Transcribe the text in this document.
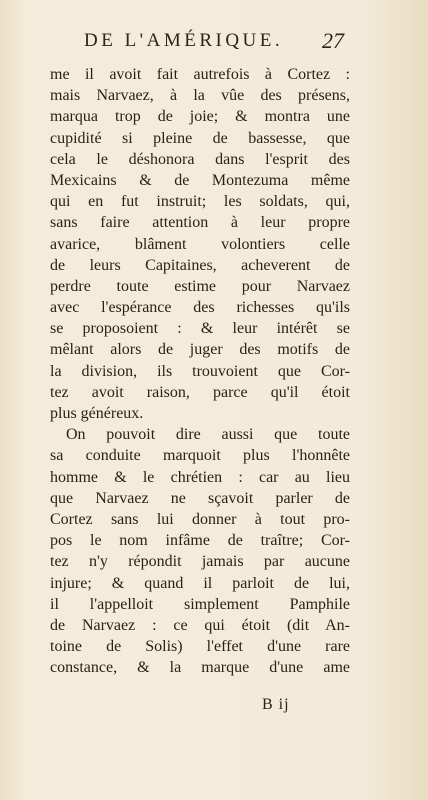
DE L'AMÉRIQUE. 27
me il avoit fait autrefois à Cortez :
mais Narvaez, à la vûe des présens,
marqua trop de joie; & montra une
cupidité si pleine de bassesse, que
cela le déshonora dans l'esprit des
Mexicains & de Montezuma même
qui en fut instruit; les soldats, qui,
sans faire attention à leur propre
avarice, blâment volontiers celle
de leurs Capitaines, acheverent de
perdre toute estime pour Narvaez
avec l'espérance des richesses qu'ils
se proposoient : & leur intérêt se
mêlant alors de juger des motifs de
la division, ils trouvoient que Cor-
tez avoit raison, parce qu'il étoit
plus généreux.
On pouvoit dire aussi que toute
sa conduite marquoit plus l'honnête
homme & le chrétien : car au lieu
que Narvaez ne sçavoit parler de
Cortez sans lui donner à tout pro-
pos le nom infâme de traître; Cor-
tez n'y répondit jamais par aucune
injure; & quand il parloit de lui,
il l'appelloit simplement Pamphile
de Narvaez : ce qui étoit (dit An-
toine de Solis) l'effet d'une rare
constance, & la marque d'une ame
B ij
